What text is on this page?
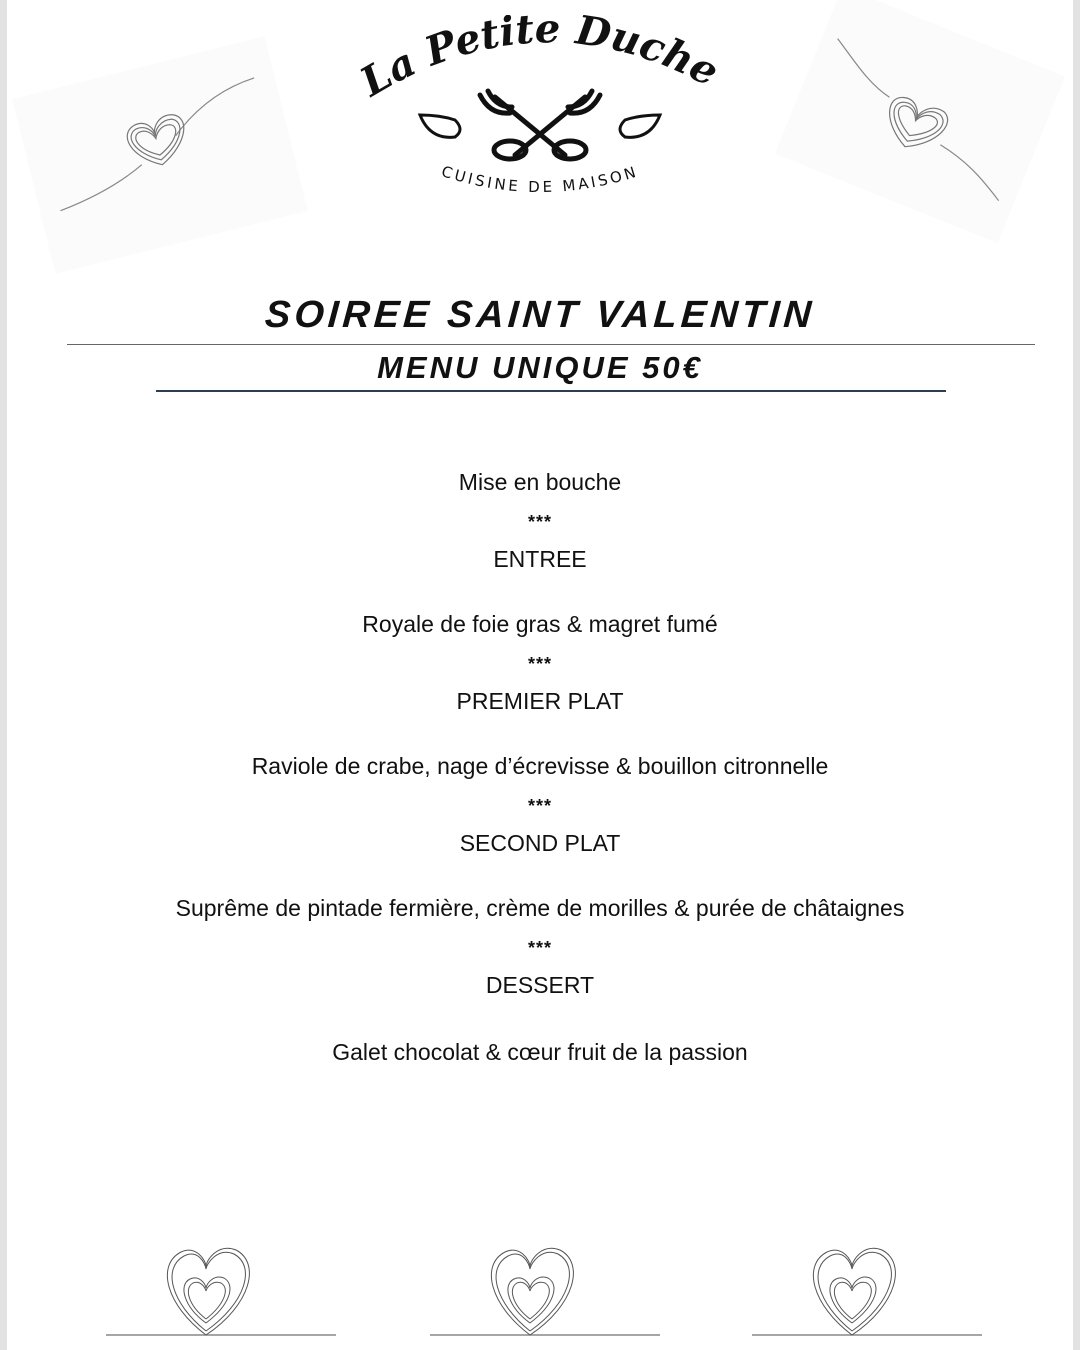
a Petite Duch
CUISINE DE MAISON
SOIREE SAINT VALENTIN
MENU UNIQUE 50€
Mise en bouche
***
ENTREE
Royale de foie gras & magret fumé
***
PREMIER PLAT
Raviole de crabe, nage d’écrevisse & bouillon citronnelle
***
SECOND PLAT
Suprême de pintade fermière, crème de morilles & purée de châtaignes
***
DESSERT
Galet chocolat & cœur fruit de la passion
